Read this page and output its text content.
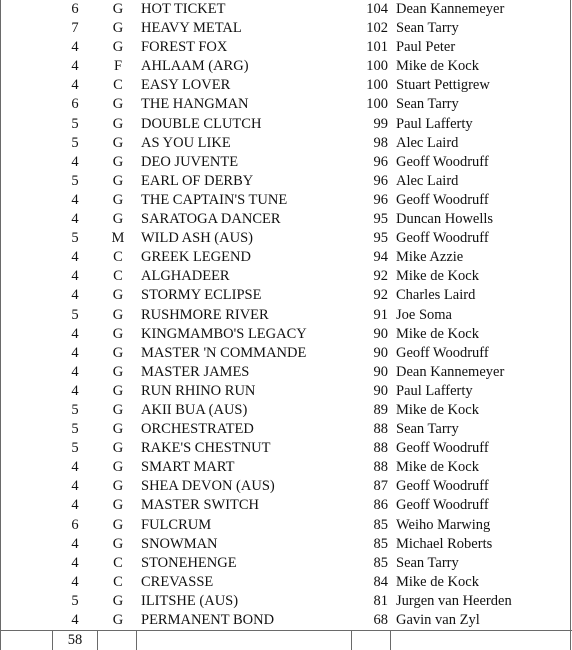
6	G	HOT TICKET	104 Dean Kannemeyer
7	G	HEAVY METAL	102 Sean Tarry
4	G	FOREST FOX	101 Paul Peter
4	F	AHLAAM (ARG)	100 Mike de Kock
4	C	EASY LOVER	100 Stuart Pettigrew
6	G	THE HANGMAN	100 Sean Tarry
5	G	DOUBLE CLUTCH	99 Paul Lafferty
5	G	AS YOU LIKE	98 Alec Laird
4	G	DEO JUVENTE	96 Geoff Woodruff
5	G	EARL OF DERBY	96 Alec Laird
4	G	THE CAPTAIN'S TUNE	96 Geoff Woodruff
4	G	SARATOGA DANCER	95 Duncan Howells
5	M	WILD ASH (AUS)	95 Geoff Woodruff
4	C	GREEK LEGEND	94 Mike Azzie
4	C	ALGHADEER	92 Mike de Kock
4	G	STORMY ECLIPSE	92 Charles Laird
5	G	RUSHMORE RIVER	91 Joe Soma
4	G	KINGMAMBO'S LEGACY	90 Mike de Kock
4	G	MASTER 'N COMMANDE	90 Geoff Woodruff
4	G	MASTER JAMES	90 Dean Kannemeyer
4	G	RUN RHINO RUN	90 Paul Lafferty
5	G	AKII BUA (AUS)	89 Mike de Kock
5	G	ORCHESTRATED	88 Sean Tarry
5	G	RAKE'S CHESTNUT	88 Geoff Woodruff
4	G	SMART MART	88 Mike de Kock
4	G	SHEA DEVON (AUS)	87 Geoff Woodruff
4	G	MASTER SWITCH	86 Geoff Woodruff
6	G	FULCRUM	85 Weiho Marwing
4	G	SNOWMAN	85 Michael Roberts
4	C	STONEHENGE	85 Sean Tarry
4	C	CREVASSE	84 Mike de Kock
5	G	ILITSHE (AUS)	81 Jurgen van Heerden
4	G	PERMANENT BOND	68 Gavin van Zyl
58
